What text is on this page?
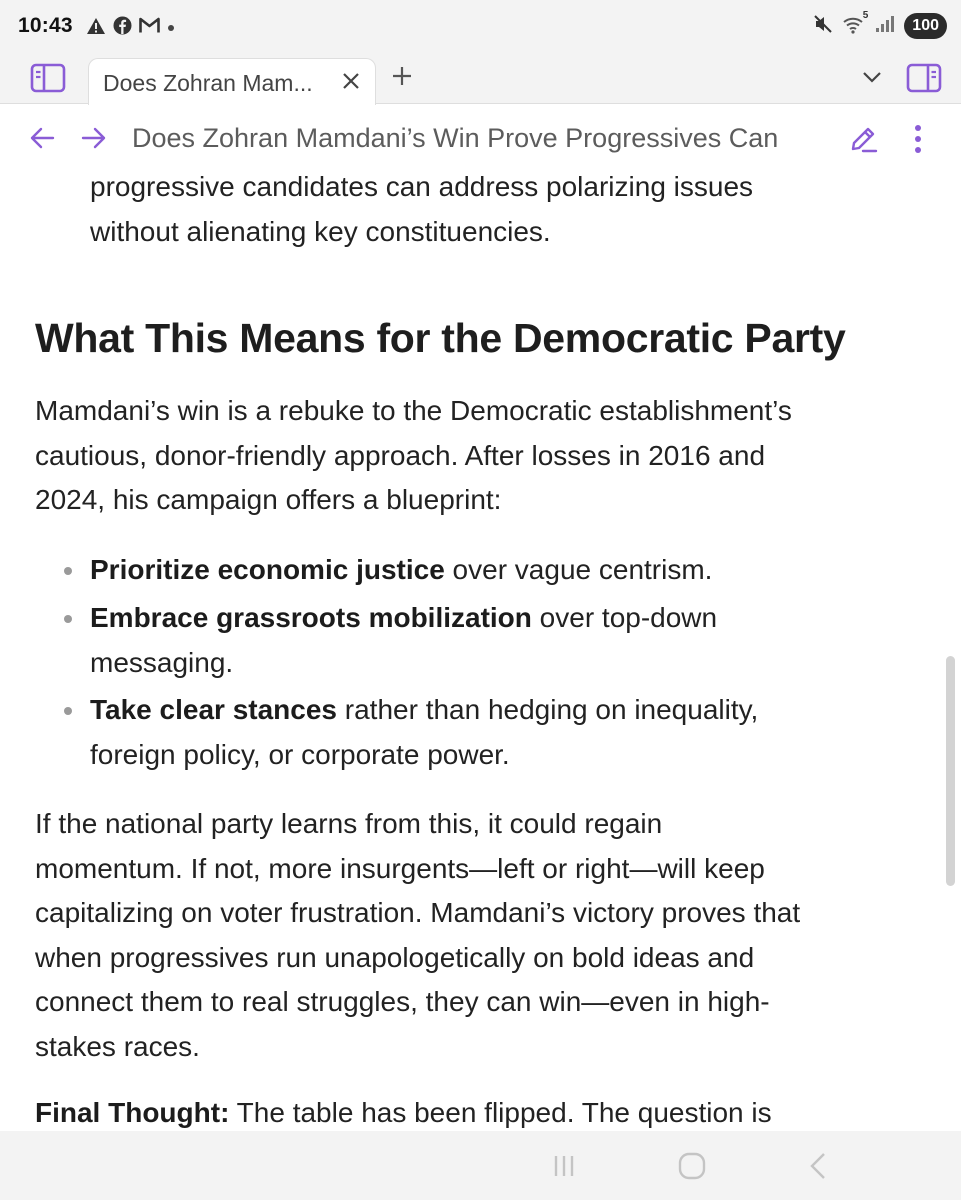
10:43	5
100
Does Zohran Mam...
Does Zohran Mamdani’s Win Prove Progressives Can
progressive candidates can address polarizing issues
without alienating key constituencies.
What This Means for the Democratic Party
Mamdani’s win is a rebuke to the Democratic establishment’s
cautious, donor-friendly approach. After losses in 2016 and
2024, his campaign offers a blueprint:
Prioritize economic justice over vague centrism.
Embrace grassroots mobilization over top-down
messaging.
Take clear stances rather than hedging on inequality,
foreign policy, or corporate power.
If the national party learns from this, it could regain
momentum. If not, more insurgents—left or right—will keep
capitalizing on voter frustration. Mamdani’s victory proves that
when progressives run unapologetically on bold ideas and
connect them to real struggles, they can win—even in high-
stakes races.
Final Thought: The table has been flipped. The question is
